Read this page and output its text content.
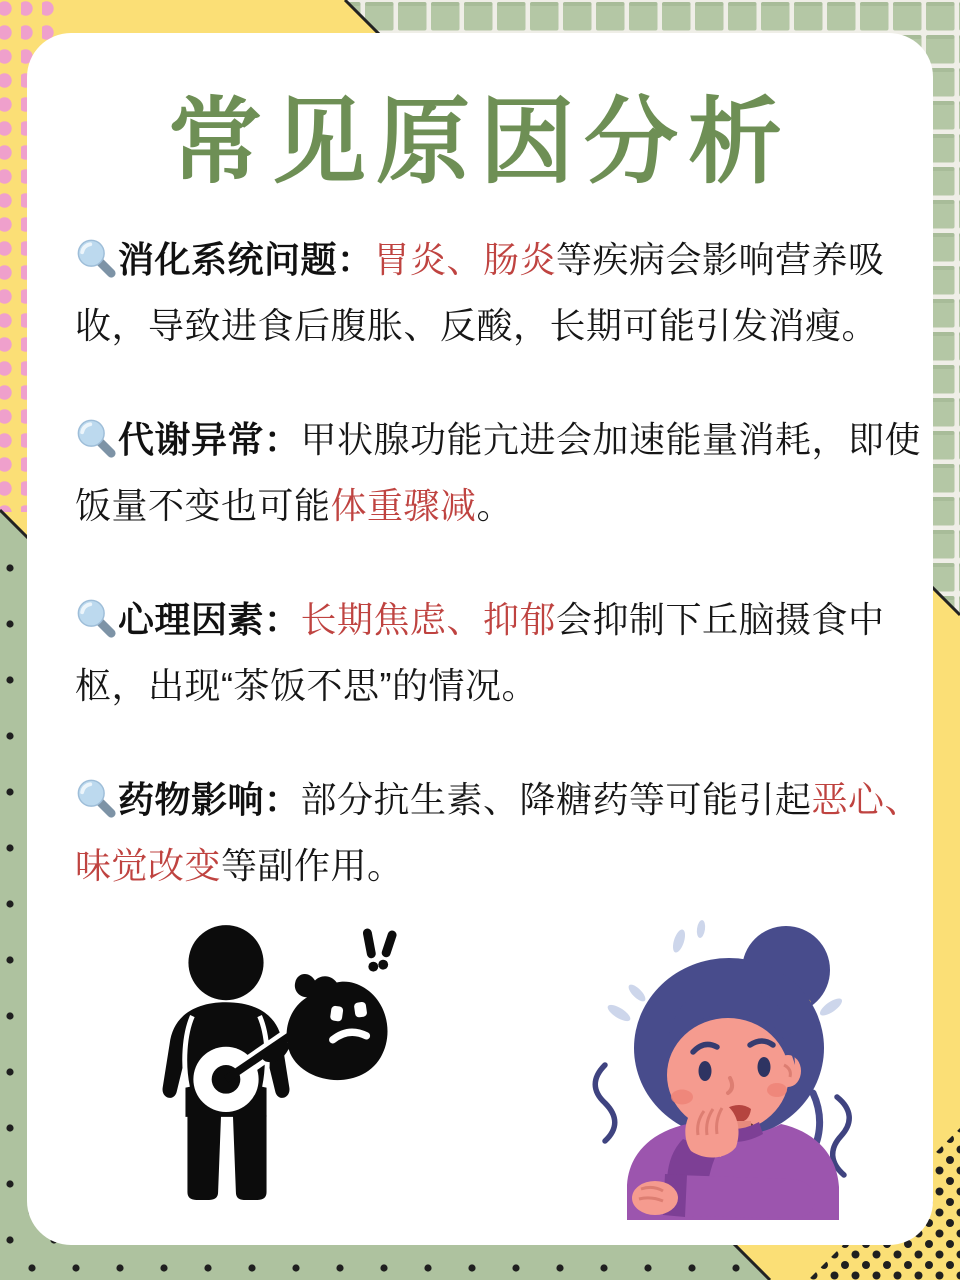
常见原因分析
消化系统问题：胃炎、肠炎等疾病会影响营养吸
收，导致进食后腹胀、反酸，长期可能引发消瘦。
代谢异常：甲状腺功能亢进会加速能量消耗，即使
饭量不变也可能体重骤减。
心理因素：长期焦虑、抑郁会抑制下丘脑摄食中
枢，出现“茶饭不思”的情况。
药物影响：部分抗生素、降糖药等可能引起恶心、
味觉改变等副作用。
